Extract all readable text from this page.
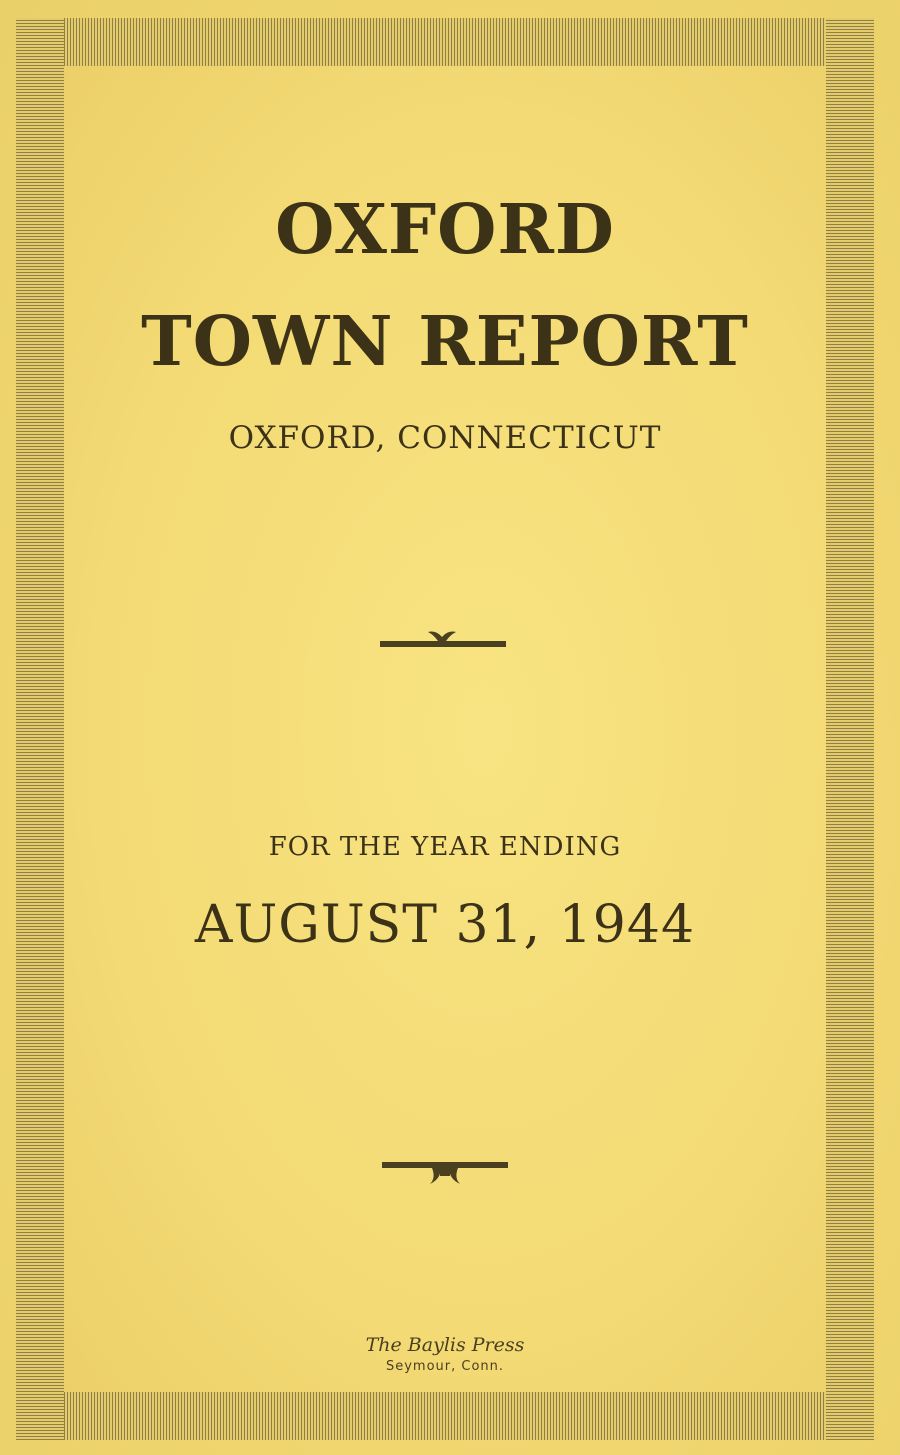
OXFORD
TOWN REPORT
OXFORD, CONNECTICUT
FOR THE YEAR ENDING
AUGUST 31, 1944
The Baylis Press
Seymour, Conn.
